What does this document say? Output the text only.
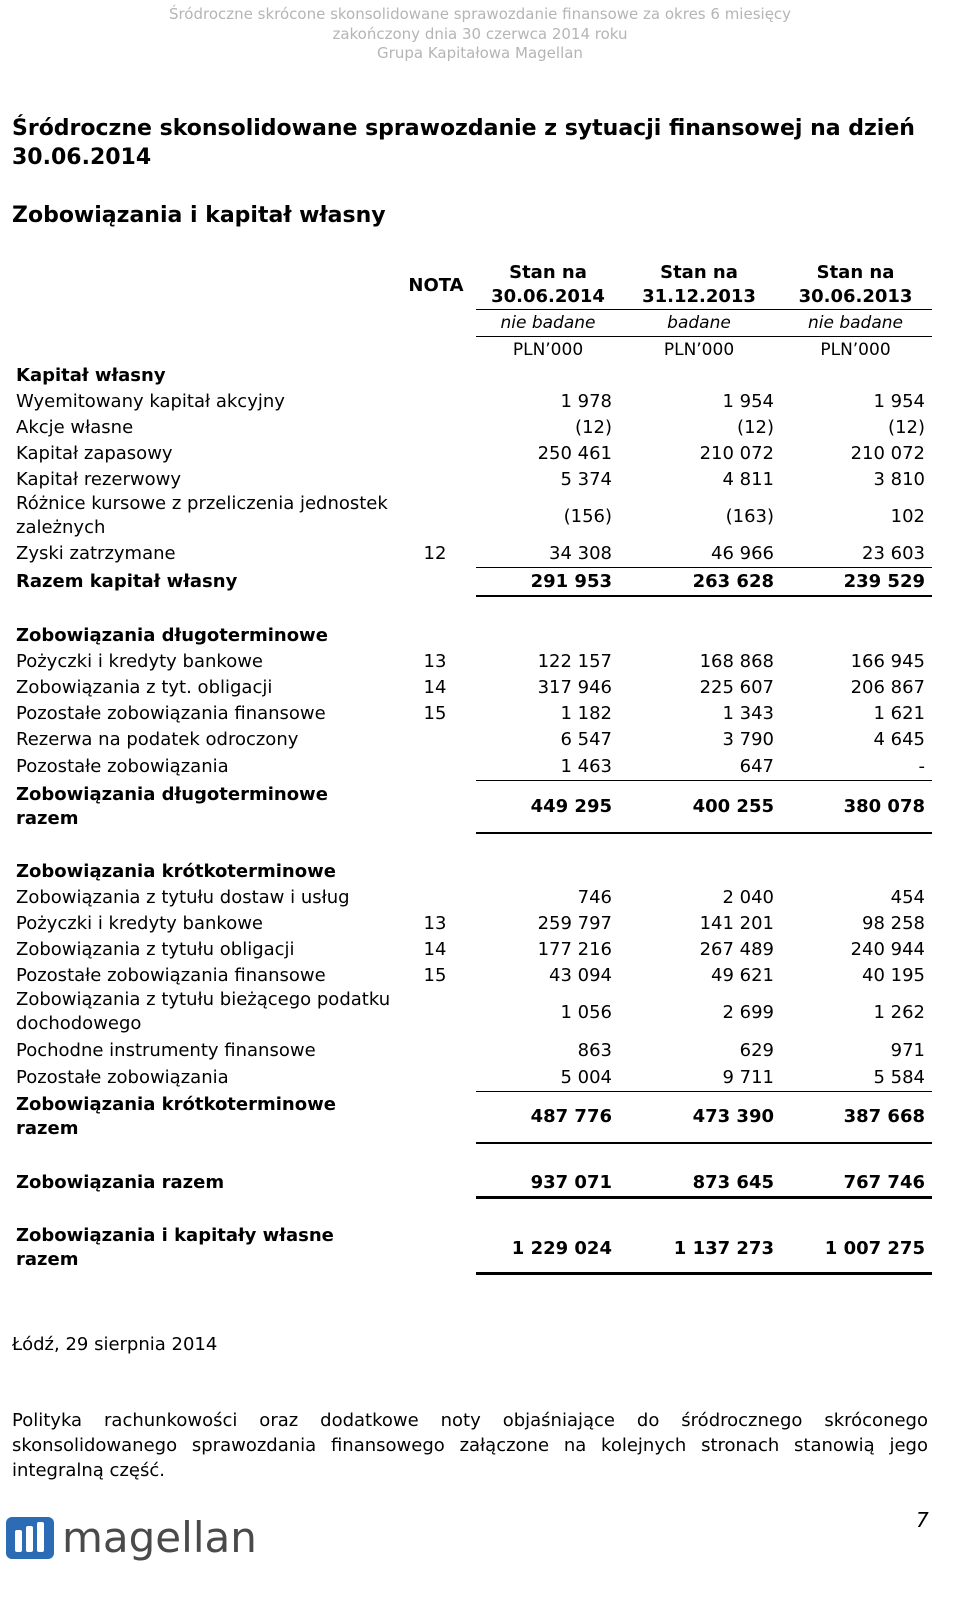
Śródroczne skrócone skonsolidowane sprawozdanie finansowe za okres 6 miesięcy
zakończony dnia 30 czerwca 2014 roku
Grupa Kapitałowa Magellan
Śródroczne skonsolidowane sprawozdanie z sytuacji finansowej na dzień
30.06.2014
Zobowiązania i kapitał własny
NOTA
Stan na
30.06.2014
Stan na
31.12.2013
Stan na
30.06.2013
nie badane	badane	nie badane
PLN’000	PLN’000	PLN’000
Kapitał własny
Wyemitowany kapitał akcyjny	1 978	1 954	1 954
Akcje własne	(12)	(12)	(12)
Kapitał zapasowy	250 461	210 072	210 072
Kapitał rezerwowy	5 374	4 811	3 810
Różnice kursowe z przeliczenia jednostek zależnych
(156)	(163)	102
Zyski zatrzymane	12	34 308	46 966	23 603
Razem kapitał własny	291 953	263 628	239 529
Zobowiązania długoterminowe
Pożyczki i kredyty bankowe	13	122 157	168 868	166 945
Zobowiązania z tyt. obligacji	14	317 946	225 607	206 867
Pozostałe zobowiązania finansowe	15	1 182	1 343	1 621
Rezerwa na podatek odroczony	6 547	3 790	4 645
Pozostałe zobowiązania	1 463	647	-
Zobowiązania długoterminowe razem
449 295	400 255	380 078
Zobowiązania krótkoterminowe
Zobowiązania z tytułu dostaw i usług	746	2 040	454
Pożyczki i kredyty bankowe	13	259 797	141 201	98 258
Zobowiązania z tytułu obligacji	14	177 216	267 489	240 944
Pozostałe zobowiązania finansowe	15	43 094	49 621	40 195
Zobowiązania z tytułu bieżącego podatku dochodowego
1 056	2 699	1 262
Pochodne instrumenty finansowe	863	629	971
Pozostałe zobowiązania	5 004	9 711	5 584
Zobowiązania krótkoterminowe razem
487 776	473 390	387 668
Zobowiązania razem	937 071	873 645	767 746
Zobowiązania i kapitały własne razem
1 229 024	1 137 273	1 007 275
Łódź, 29 sierpnia 2014
Polityka rachunkowości oraz dodatkowe noty objaśniające do śródrocznego skróconego skonsolidowanego sprawozdania finansowego załączone na kolejnych stronach stanowią jego integralną część.
magellan	7
